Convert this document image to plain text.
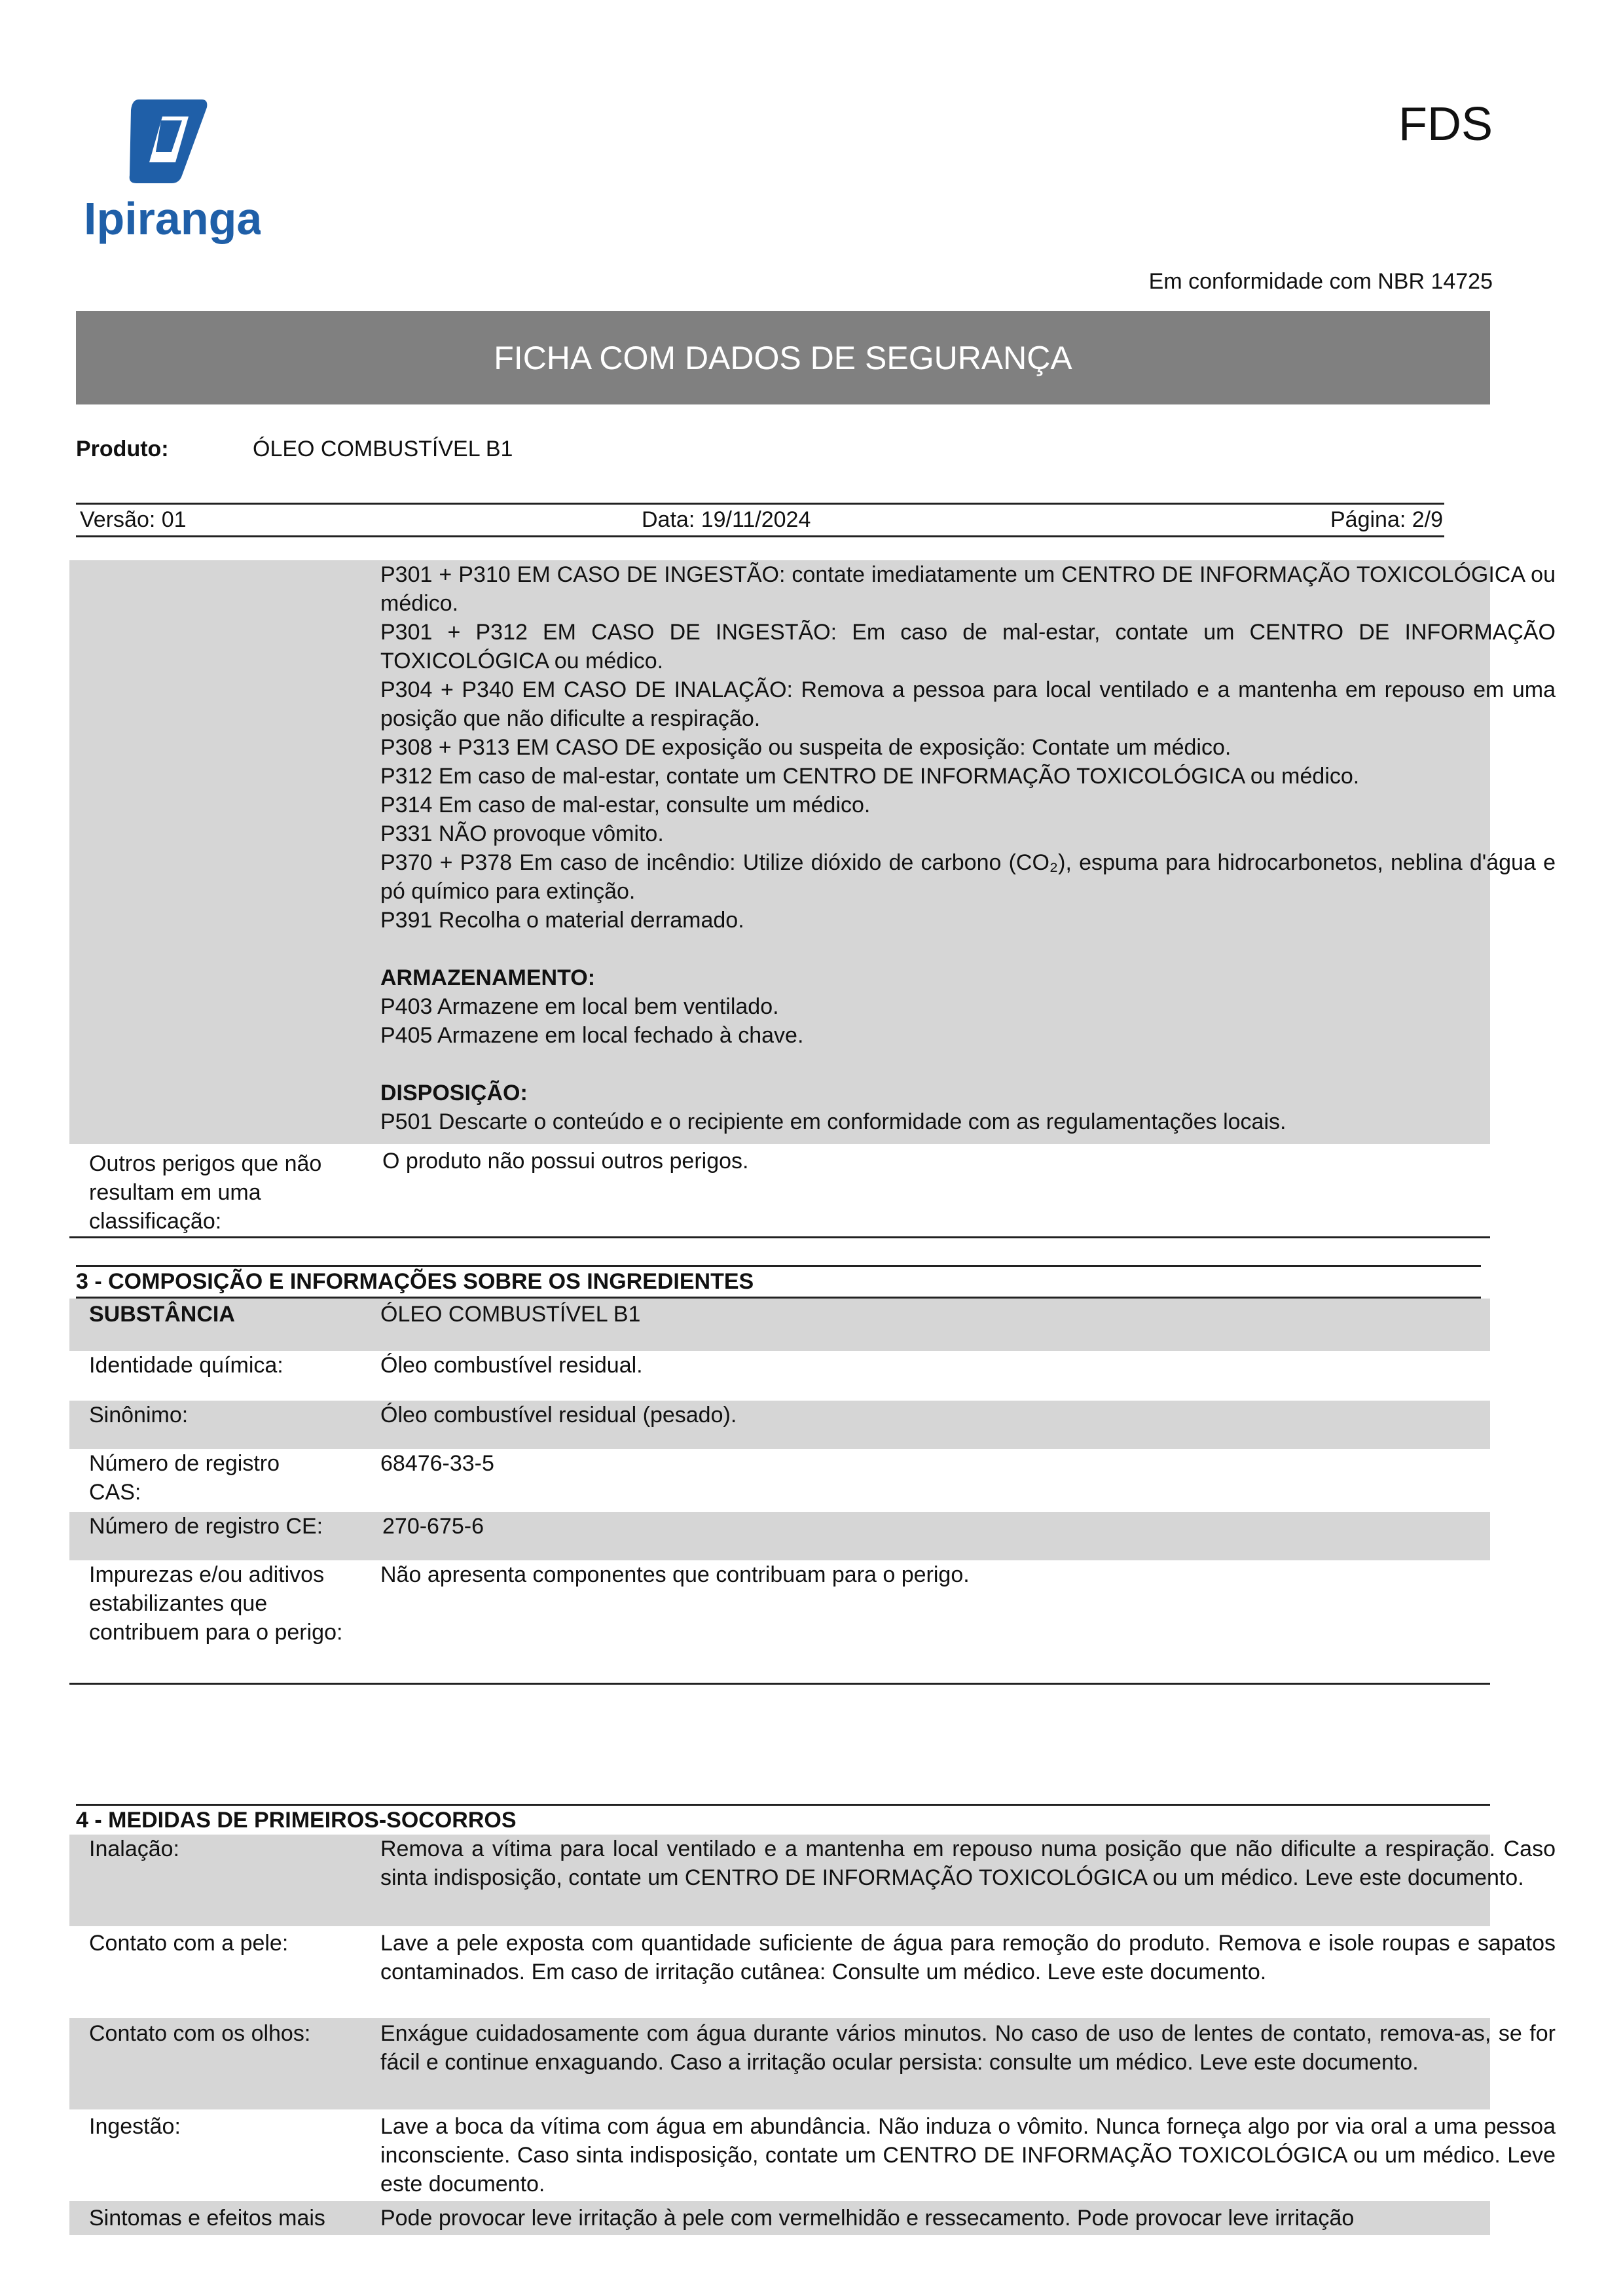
Ipiranga
FDS
Em conformidade com NBR 14725
FICHA COM DADOS DE SEGURANÇA
Produto:	ÓLEO COMBUSTÍVEL B1
Versão: 01	Data: 19/11/2024	Página: 2/9

P301 + P310 EM CASO DE INGESTÃO: contate imediatamente um CENTRO DE INFORMAÇÃO TOXICOLÓGICA ou médico.

P301 + P312 EM CASO DE INGESTÃO: Em caso de mal-estar, contate um CENTRO DE INFORMAÇÃO TOXICOLÓGICA ou médico.

P304 + P340 EM CASO DE INALAÇÃO: Remova a pessoa para local ventilado e a mantenha em repouso em uma posição que não dificulte a respiração.

P308 + P313 EM CASO DE exposição ou suspeita de exposição: Contate um médico.

P312 Em caso de mal-estar, contate um CENTRO DE INFORMAÇÃO TOXICOLÓGICA ou médico.

P314 Em caso de mal-estar, consulte um médico.

P331 NÃO provoque vômito.

P370 + P378 Em caso de incêndio: Utilize dióxido de carbono (CO₂), espuma para hidrocarbonetos, neblina d'água e pó químico para extinção.

P391 Recolha o material derramado.

ARMAZENAMENTO:

P403 Armazene em local bem ventilado.

P405 Armazene em local fechado à chave.

DISPOSIÇÃO:

P501 Descarte o conteúdo e o recipiente em conformidade com as regulamentações locais.

Outros perigos que não resultam em uma classificação:
O produto não possui outros perigos.
3 - COMPOSIÇÃO E INFORMAÇÕES SOBRE OS INGREDIENTES
SUBSTÂNCIA	ÓLEO COMBUSTÍVEL B1
Identidade química:	Óleo combustível residual.
Sinônimo:	Óleo combustível residual (pesado).
Número de registro CAS:
68476-33-5
Número de registro CE:	270-675-6
Impurezas e/ou aditivos estabilizantes que contribuem para o perigo:
Não apresenta componentes que contribuam para o perigo.
4 - MEDIDAS DE PRIMEIROS-SOCORROS
Inalação:	Remova a vítima para local ventilado e a mantenha em repouso numa posição que não dificulte a respiração. Caso sinta indisposição, contate um CENTRO DE INFORMAÇÃO TOXICOLÓGICA ou um médico. Leve este documento.
Contato com a pele:	Lave a pele exposta com quantidade suficiente de água para remoção do produto. Remova e isole roupas e sapatos contaminados. Em caso de irritação cutânea: Consulte um médico. Leve este documento.
Contato com os olhos:	Enxágue cuidadosamente com água durante vários minutos. No caso de uso de lentes de contato, remova-as, se for fácil e continue enxaguando. Caso a irritação ocular persista: consulte um médico. Leve este documento.
Ingestão:	Lave a boca da vítima com água em abundância. Não induza o vômito. Nunca forneça algo por via oral a uma pessoa inconsciente. Caso sinta indisposição, contate um CENTRO DE INFORMAÇÃO TOXICOLÓGICA ou um médico. Leve este documento.
Sintomas e efeitos mais	Pode provocar leve irritação à pele com vermelhidão e ressecamento. Pode provocar leve irritação
